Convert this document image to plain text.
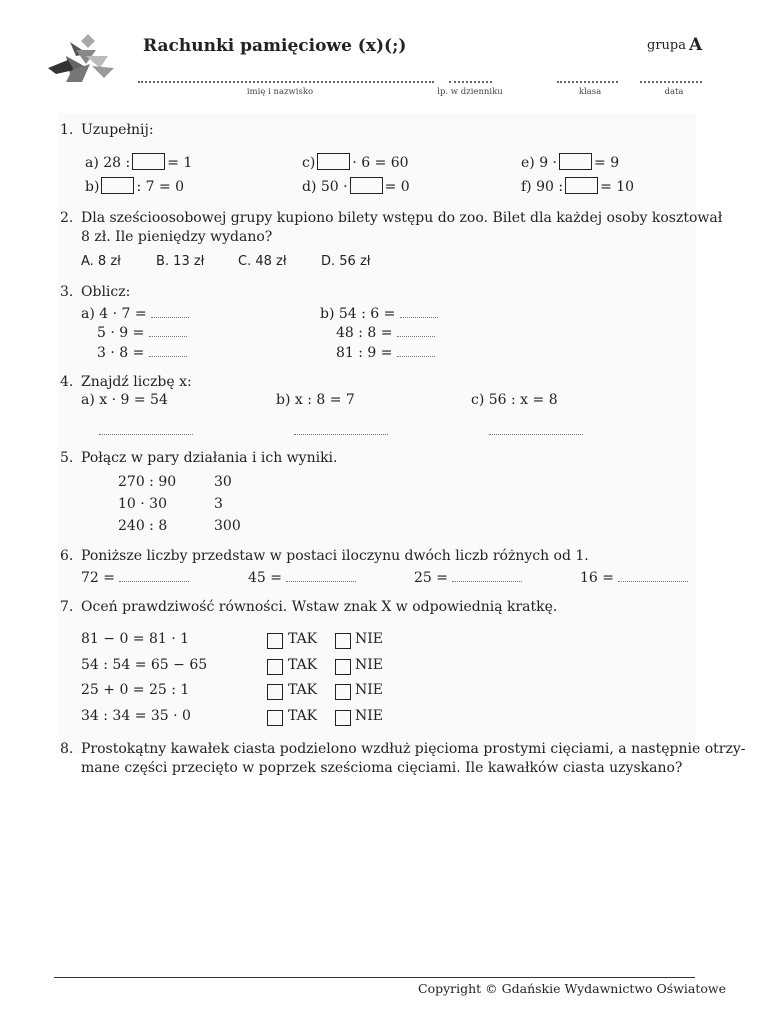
Rachunki pamięciowe (x)(;)	grupa A
imię i nazwisko	lp. w dzienniku	klasa	data
1. Uzupełnij:
a) 28 :	= 1
b)	: 7 = 0
c)	· 6 = 60
d) 50 ·	= 0
e) 9 ·	= 9
f) 90 :	= 10
2. Dla sześcioosobowej grupy kupiono bilety wstępu do zoo. Bilet dla każdej osoby kosztował
8 zł. Ile pieniędzy wydano?
A. 8 zł	B. 13 zł	C. 48 zł	D. 56 zł
3. Oblicz:
a) 4 · 7 =
5 · 9 =
3 · 8 =
b) 54 : 6 =
48 : 8 =
81 : 9 =
4. Znajdź liczbę x:
a) x · 9 = 54	b) x : 8 = 7	c) 56 : x = 8
5. Połącz w pary działania i ich wyniki.
270 : 90
10 · 30
240 : 8
30
3
300
6. Poniższe liczby przedstaw w postaci iloczynu dwóch liczb różnych od 1.
72 =	45 =	25 =	16 =
7. Oceń prawdziwość równości. Wstaw znak X w odpowiednią kratkę.
81 − 0 = 81 · 1	TAK	NIE
54 : 54 = 65 − 65	TAK	NIE
25 + 0 = 25 : 1	TAK	NIE
34 : 34 = 35 · 0	TAK	NIE
8. Prostokątny kawałek ciasta podzielono wzdłuż pięcioma prostymi cięciami, a następnie otrzy-
mane części przecięto w poprzek sześcioma cięciami. Ile kawałków ciasta uzyskano?
Copyright © Gdańskie Wydawnictwo Oświatowe
